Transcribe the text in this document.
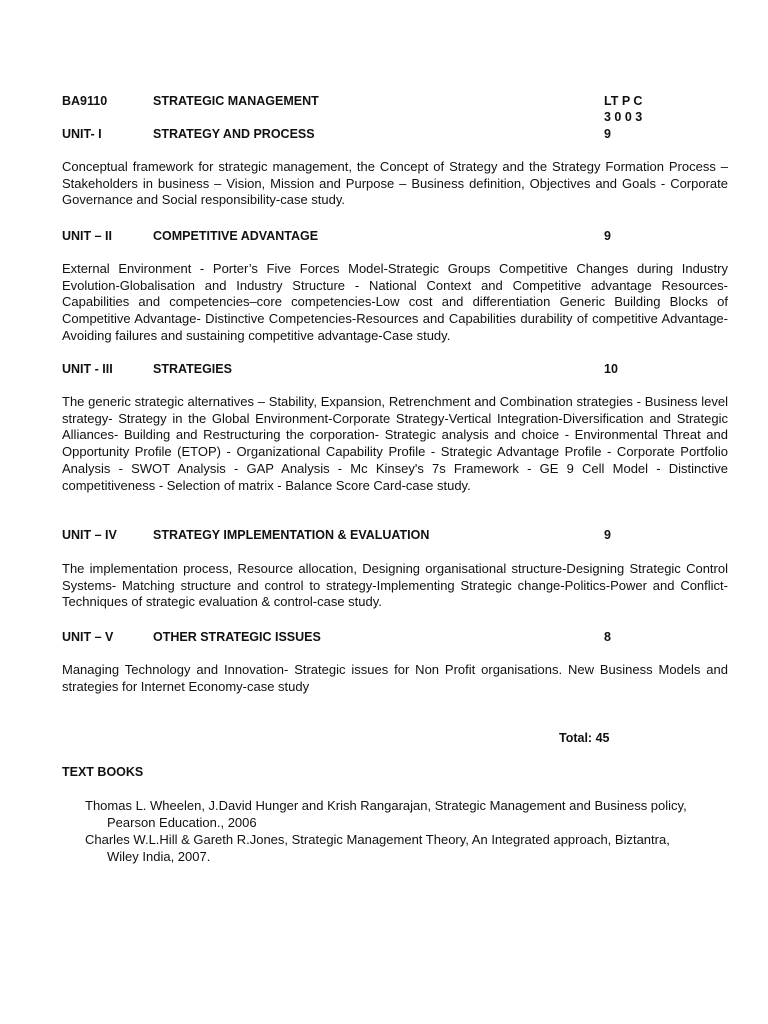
BA9110	STRATEGIC MANAGEMENT	LT P C
3 0 0 3
UNIT- I	STRATEGY AND PROCESS	9
Conceptual framework for strategic management, the Concept of Strategy and the Strategy Formation Process – Stakeholders in business – Vision, Mission and Purpose – Business definition, Objectives and Goals - Corporate Governance and Social responsibility-case study.
UNIT – II	COMPETITIVE ADVANTAGE	9
External Environment - Porter’s Five Forces Model-Strategic Groups Competitive Changes during Industry Evolution-Globalisation and Industry Structure - National Context and Competitive advantage Resources- Capabilities and competencies–core competencies-Low cost and differentiation Generic Building Blocks of Competitive Advantage- Distinctive Competencies-Resources and Capabilities durability of competitive Advantage- Avoiding failures and sustaining competitive advantage-Case study.
UNIT - III	STRATEGIES	10
The generic strategic alternatives – Stability, Expansion, Retrenchment and Combination strategies - Business level strategy- Strategy in the Global Environment-Corporate Strategy-Vertical Integration-Diversification and Strategic Alliances- Building and Restructuring the corporation- Strategic analysis and choice - Environmental Threat and Opportunity Profile (ETOP) - Organizational Capability Profile - Strategic Advantage Profile - Corporate Portfolio Analysis - SWOT Analysis - GAP Analysis - Mc Kinsey's 7s Framework - GE 9 Cell Model - Distinctive competitiveness - Selection of matrix - Balance Score Card-case study.
UNIT – IV	STRATEGY IMPLEMENTATION & EVALUATION	9
The implementation process, Resource allocation, Designing organisational structure-Designing Strategic Control Systems- Matching structure and control to strategy-Implementing Strategic change-Politics-Power and Conflict-Techniques of strategic evaluation & control-case study.
UNIT – V	OTHER STRATEGIC ISSUES	8
Managing Technology and Innovation- Strategic issues for Non Profit organisations. New Business Models and strategies for Internet Economy-case study
Total: 45
TEXT BOOKS
Thomas L. Wheelen, J.David Hunger and Krish Rangarajan, Strategic Management and Business policy,
Pearson Education., 2006
Charles W.L.Hill & Gareth R.Jones, Strategic Management Theory, An Integrated approach, Biztantra,
Wiley India, 2007.
